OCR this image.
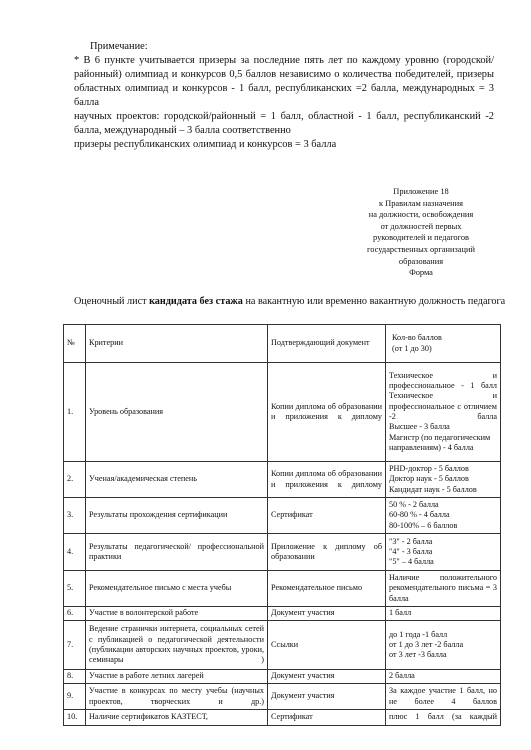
Примечание:

* В 6 пункте учитывается призеры за последние пять лет по каждому уровню (городской/районный) олимпиад и конкурсов 0,5 баллов независимо о количества победителей, призеры областных олимпиад и конкурсов - 1 балл, республиканских =2 балла, международных = 3 балла

научных проектов: городской/районный = 1 балл, областной - 1 балл, республиканский -2 балла, международный – 3 балла соответственно

призеры республиканских олимпиад и конкурсов = 3 балла

Приложение 18
к Правилам назначения
на должности, освобождения
от должностей первых
руководителей и педагогов
государственных организаций
образования
Форма
Оценочный лист кандидата без стажа на вакантную или временно вакантную должность педагога
№	Критерии	Подтверждающий документ	Кол-во баллов
(от 1 до 30)

1.	Уровень образования	Копии диплома об образовании и приложения к диплому	Техническое и профессиональное - 1 балл
Техническое и профессиональное с отличием -2 балла
Высшее - 3 балла
Магистр (по педагогическим направлениям) - 4 балла

2.	Ученая/академическая степень	Копии диплома об образовании и приложения к диплому	PHD-доктор - 5 баллов
Доктор наук - 5 баллов
Кандидат наук - 5 баллов

3.	Результаты прохождения сертификации	Сертификат	50 % - 2 балла
60-80 % - 4 балла
80-100% – 6 баллов

4.	Результаты педагогической/ профессиональной практики	Приложение к диплому об образовании	"3" - 2 балла
"4" - 3 балла
"5" – 4 балла

5.	Рекомендательное письмо с места учебы	Рекомендательное письмо	Наличие положительного рекомендательного письма = 3 балла
6.	Участие в волонтерской работе	Документ участия	1 балл
7.	Ведение странички интернета, социальных сетей с публикацией о педагогической деятельности (публикации авторских научных проектов, уроки, семинары )	Ссылки	до 1 года -1 балл
от 1 до 3 лет -2 балла
от 3 лет -3 балла

8.	Участие в работе летних лагерей	Документ участия	2 балла
9.	Участие в конкурсах по месту учебы (научных проектов, творческих и др.)	Документ участия	За каждое участие 1 балл, но не более 4 баллов
10.	Наличие сертификатов КАЗТЕСТ,	Сертификат	плюс 1 балл (за каждый
